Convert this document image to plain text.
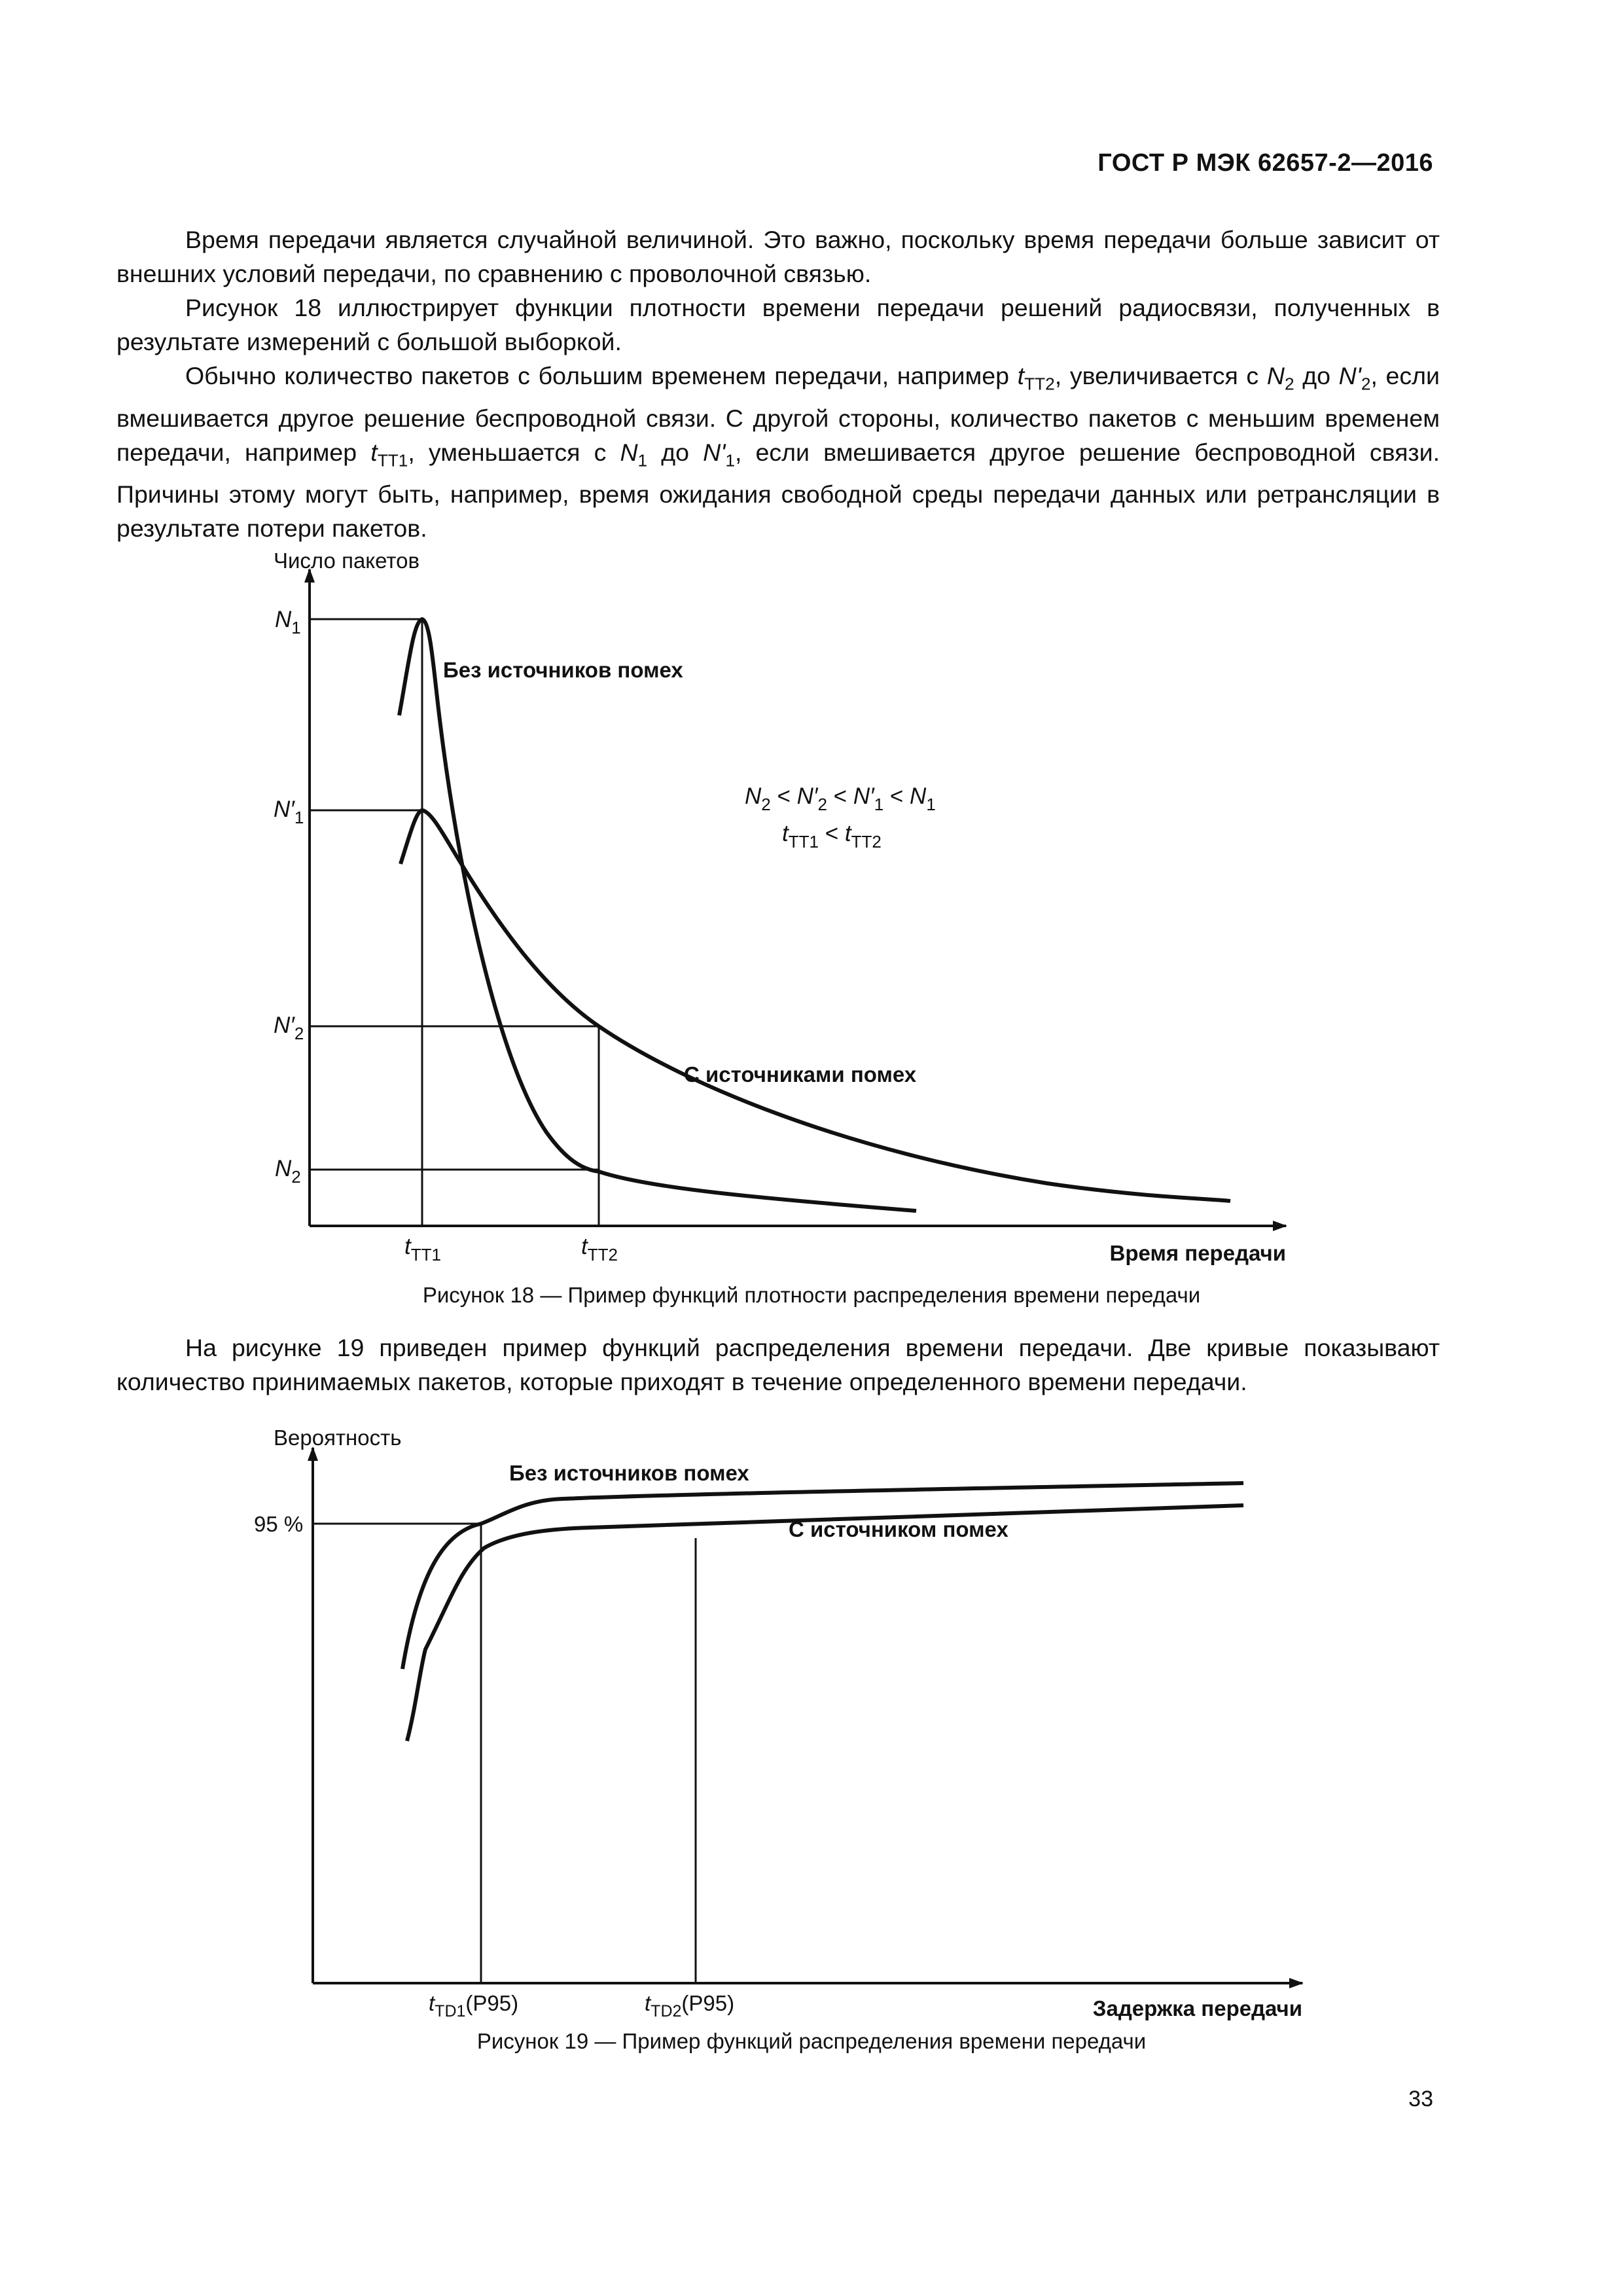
ГОСТ Р МЭК 62657-2—2016

Время передачи является случайной величиной. Это важно, поскольку время передачи больше зависит от внешних условий передачи, по сравнению с проволочной связью.

Рисунок 18 иллюстрирует функции плотности времени передачи решений радиосвязи, полученных в результате измерений с большой выборкой.

Обычно количество пакетов с большим временем передачи, например $t_{TT2}$, увеличивается с $N_2$ до $N'_2$, если вмешивается другое решение беспроводной связи. С другой стороны, количество пакетов с меньшим временем передачи, например $t_{TT1}$, уменьшается с $N_1$ до $N'_1$, если вмешивается другое решение беспроводной связи. Причины этому могут быть, например, время ожидания свободной среды передачи данных или ретрансляции в результате потери пакетов.

Число пакетов
Время передачи
Без источников помех
С источниками помех
$N_1$
$N'_1$
$N'_2$
$N_2$
$t_{TT1}$	$t_{TT2}$
$N_2 < N'_2 < N'_1 < N_1$
$t_{TT1} < t_{TT2}$
Рисунок 18 — Пример функций плотности распределения времени передачи

На рисунке 19 приведен пример функций распределения времени передачи. Две кривые показывают количество принимаемых пакетов, которые приходят в течение определенного времени передачи.

Вероятность
Задержка передачи
95 %
Без источников помех
С источником помех
$t_{TD1}(P95)$	$t_{TD2}(P95)$
Рисунок 19 — Пример функций распределения времени передачи
33
